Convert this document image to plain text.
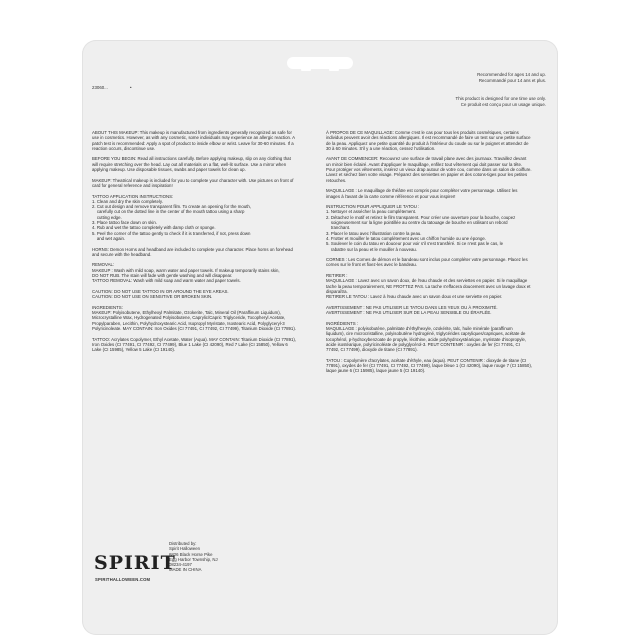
23060...	•
Recommended for ages 14 and up.
Recommandé pour 14 ans et plus.
This product is designed for one time use only.
Ce produit est conçu pour un usage unique.

ABOUT THIS MAKEUP: This makeup is manufactured from ingredients generally recognized as safe for use in cosmetics. However, as with any cosmetic, some individuals may experience an allergic reaction. A patch test is recommended: Apply a spot of product to inside elbow or wrist. Leave for 30-60 minutes. If a reaction occurs, discontinue use.

BEFORE YOU BEGIN: Read all instructions carefully. Before applying makeup, slip on any clothing that will require stretching over the head. Lay out all materials on a flat, well-lit surface. Use a mirror when applying makeup. Use disposable tissues, swabs and paper towels for clean up.

MAKEUP: Theatrical makeup is included for you to complete your character with. Use pictures on front of card for general reference and inspiration!

TATTOO APPLICATION INSTRUCTIONS:
1. Clean and dry the skin completely.
2. Cut out design and remove transparent film. To create an opening for the mouth,
carefully cut on the dotted line in the center of the mouth tattoo using a sharp
cutting edge.
3. Place tattoo face down on skin.
4. Rub and wet the tattoo completely with damp cloth or sponge.
5. Peel the corner of the tattoo gently to check if it is transferred, if not, press down
and wet again.

HORNS: Demon Horns and headband are included to complete your character. Place horns on forehead and secure with the headband.

REMOVAL:
MAKEUP : Wash with mild soap, warm water and paper towels. If makeup temporarily stains skin,
DO NOT RUB. The stain will fade with gentle washing and will disappear.
TATTOO REMOVAL: Wash with mild soap and warm water and paper towels.

CAUTION: DO NOT USE TATTOO IN OR AROUND THE EYE AREAS.
CAUTION: DO NOT USE ON SENSITIVE OR BROKEN SKIN.

INGREDIENTS:
MAKEUP: Polyisobutene, Ethylhexyl Palmitate, Ozokerite, Talc, Mineral Oil (Paraffinum Liquidum), Microcrystalline Wax, Hydrogenated Polyisobutene, Caprylic/Capric Triglyceride, Tocopheryl Acetate, Propylparaben, Lecithin, Polyhydroxystearic Acid, Isopropyl Myristate, Isostearic Acid, Polyglyceryl-3 Polyricinoleate. MAY CONTAIN: Iron Oxides (CI 77491, CI 77492, CI 77499), Titanium Dioxide (CI 77891).

TATTOO: Acrylates Copolymer, Ethyl Acetate, Water (Aqua). MAY CONTAIN: Titanium Dioxide (CI 77891), Iron Oxides (CI 77491, CI 77492, CI 77499), Blue 1 Lake (CI 42090), Red 7 Lake (CI 15850), Yellow 6 Lake (CI 15985), Yellow 5 Lake (CI 19140).

À PROPOS DE CE MAQUILLAGE: Comme c'est le cas pour tous les produits cosmétiques, certains individus peuvent avoir des réactions allergiques. Il est recommandé de faire un test sur une petite surface de la peau. Appliquez une petite quantité du produit à l'intérieur du coude ou sur le poignet et attendez de 30 à 60 minutes. S'il y a une réaction, cessez l'utilisation.

AVANT DE COMMENCER: Recouvrez une surface de travail plane avec des journaux. Travaillez devant un miroir bien éclairé. Avant d'appliquer le maquillage, enfilez tout vêtement qui doit passer sur la tête. Pour protéger vos vêtements, insérez un vieux drap autour de votre cou, comme dans un salon de coiffure. Lavez et séchez bien votre visage. Préparez des serviettes en papier et des cotons-tiges pour les petites retouches.

MAQUILLAGE : Le maquillage de théâtre est compris pour compléter votre personnage. Utilisez les images à l'avant de la carte comme référence et pour vous inspirer!

INSTRUCTION POUR APPLIQUER LE TATOU :
1. Nettoyer et assécher la peau complètement.
2. Détachez le motif et retirez le film transparent. Pour créer une ouverture pour la bouche, coupez
soigneusement sur la ligne pointillée au centre du tatouage de bouche en utilisant un rebord
tranchant.
3. Placer le tatou avec l'illustration contre la peau.
4. Frotter et mouiller le tatou complètement avec un chiffon humide ou une éponge.
5. Soulever le coin du tatou en douceur pour voir s'il s'est transféré. Si ce n'est pas le cas, le
rabattre sur la peau et le mouiller à nouveau.

CORNES : Les Cornes de démon et le bandeau sont inclus pour compléter votre personnage. Placez les cornes sur le front et fixez-les avec le bandeau.

RETIRER :
MAQUILLAGE : Lavez avec un savon doux, de l'eau chaude et des serviettes en papier. Si le maquillage tache la peau temporairement, NE FROTTEZ PAS. La tache s'effacera doucement avec un lavage doux et disparaîtra.
RETIRER LE TATOU : Lavez à l'eau chaude avec un savon doux et une serviette en papier.

AVERTISSEMENT : NE PAS UTILISER LE TATOU DANS LES YEUX OU À PROXIMITÉ.
AVERTISSEMENT : NE PAS UTILISER SUR DE LA PEAU SENSIBLE OU ÉRAFLÉE.

INGRÉDIENTS :
MAQUILLAGE : polyisobutène, palmitate d'éthylhexyle, ozokérite, talc, huile minérale (paraffinum liquidum), cire microcristalline, polyisobutène hydrogéné, triglycérides capryliques/capriques, acétate de tocophérol, p-hydroxybenzoate de propyle, lécithine, acide polyhydroxystéarique, myristate d'isopropyle, acide isostéarique, polyricinoléate de polyglycérol-3. PEUT CONTENIR : oxydes de fer (CI 77491, CI 77492, CI 77499), dioxyde de titane (CI 77891).

TATOU : Copolymère d'acrylates, acétate d'éthyle, eau (aqua). PEUT CONTENIR : dioxyde de titane (CI 77891), oxydes de fer (CI 77491, CI 77492, CI 77499), laque bleue 1 (CI 42090), laque rouge 7 (CI 15850), laque jaune 6 (CI 15985), laque jaune 5 (CI 19140).

SPIRIT
SPIRITHALLOWEEN.COM
Distributed by:
Spirit Halloween
6826 Black Horse Pike
Egg Harbor Township, NJ
08234-4197
MADE IN CHINA
